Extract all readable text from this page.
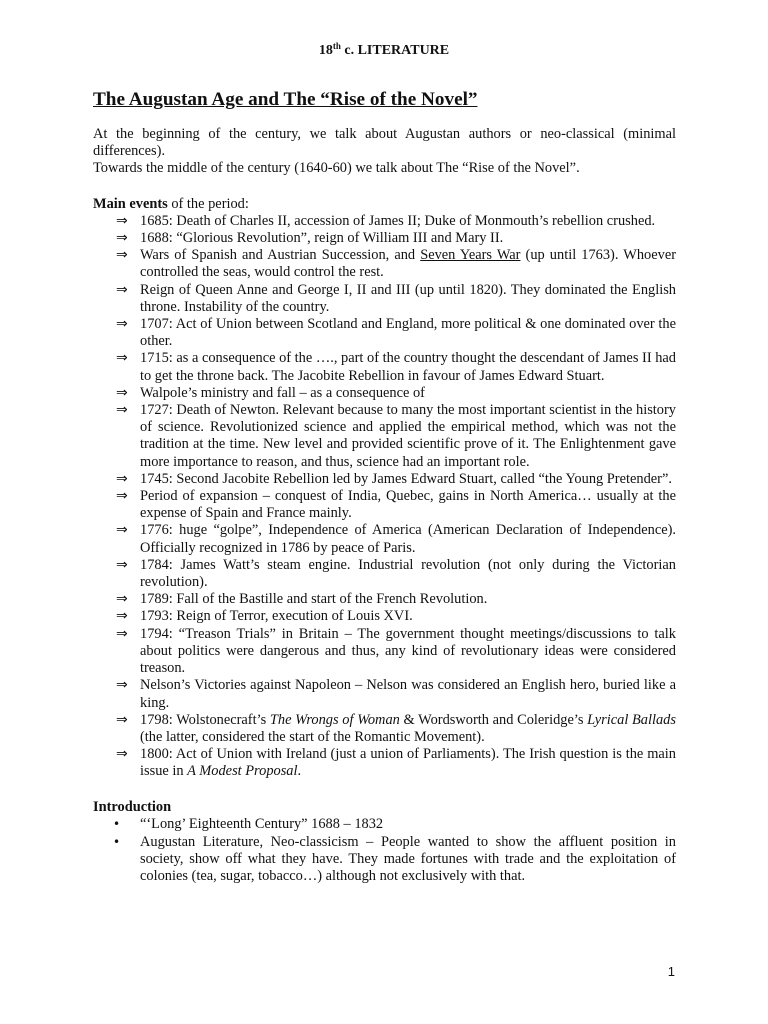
18th c. LITERATURE
The Augustan Age and The “Rise of the Novel”

At the beginning of the century, we talk about Augustan authors or neo-classical (minimal differences).

Towards the middle of the century (1640-60) we talk about The “Rise of the Novel”.

Main events of the period:
⇒ 1685: Death of Charles II, accession of James II; Duke of Monmouth’s rebellion crushed.
⇒ 1688: “Glorious Revolution”, reign of William III and Mary II.
⇒ Wars of Spanish and Austrian Succession, and Seven Years War (up until 1763). Whoever controlled the seas, would control the rest.
⇒ Reign of Queen Anne and George I, II and III (up until 1820). They dominated the English throne. Instability of the country.
⇒ 1707: Act of Union between Scotland and England, more political & one dominated over the other.
⇒ 1715: as a consequence of the …., part of the country thought the descendant of James II had to get the throne back. The Jacobite Rebellion in favour of James Edward Stuart.
⇒ Walpole’s ministry and fall – as a consequence of
⇒ 1727: Death of Newton. Relevant because to many the most important scientist in the history of science. Revolutionized science and applied the empirical method, which was not the tradition at the time. New level and provided scientific prove of it. The Enlightenment gave more importance to reason, and thus, science had an important role.
⇒ 1745: Second Jacobite Rebellion led by James Edward Stuart, called “the Young Pretender”.
⇒ Period of expansion – conquest of India, Quebec, gains in North America… usually at the expense of Spain and France mainly.
⇒ 1776: huge “golpe”, Independence of America (American Declaration of Independence). Officially recognized in 1786 by peace of Paris.
⇒ 1784: James Watt’s steam engine. Industrial revolution (not only during the Victorian revolution).
⇒ 1789: Fall of the Bastille and start of the French Revolution.
⇒ 1793: Reign of Terror, execution of Louis XVI.
⇒ 1794: “Treason Trials” in Britain – The government thought meetings/discussions to talk about politics were dangerous and thus, any kind of revolutionary ideas were considered treason.
⇒ Nelson’s Victories against Napoleon – Nelson was considered an English hero, buried like a king.
⇒ 1798: Wolstonecraft’s The Wrongs of Woman & Wordsworth and Coleridge’s Lyrical Ballads (the latter, considered the start of the Romantic Movement).
⇒ 1800: Act of Union with Ireland (just a union of Parliaments). The Irish question is the main issue in A Modest Proposal.
Introduction
• “‘Long’ Eighteenth Century” 1688 – 1832
• Augustan Literature, Neo-classicism – People wanted to show the affluent position in society, show off what they have. They made fortunes with trade and the exploitation of colonies (tea, sugar, tobacco…) although not exclusively with that.
1
